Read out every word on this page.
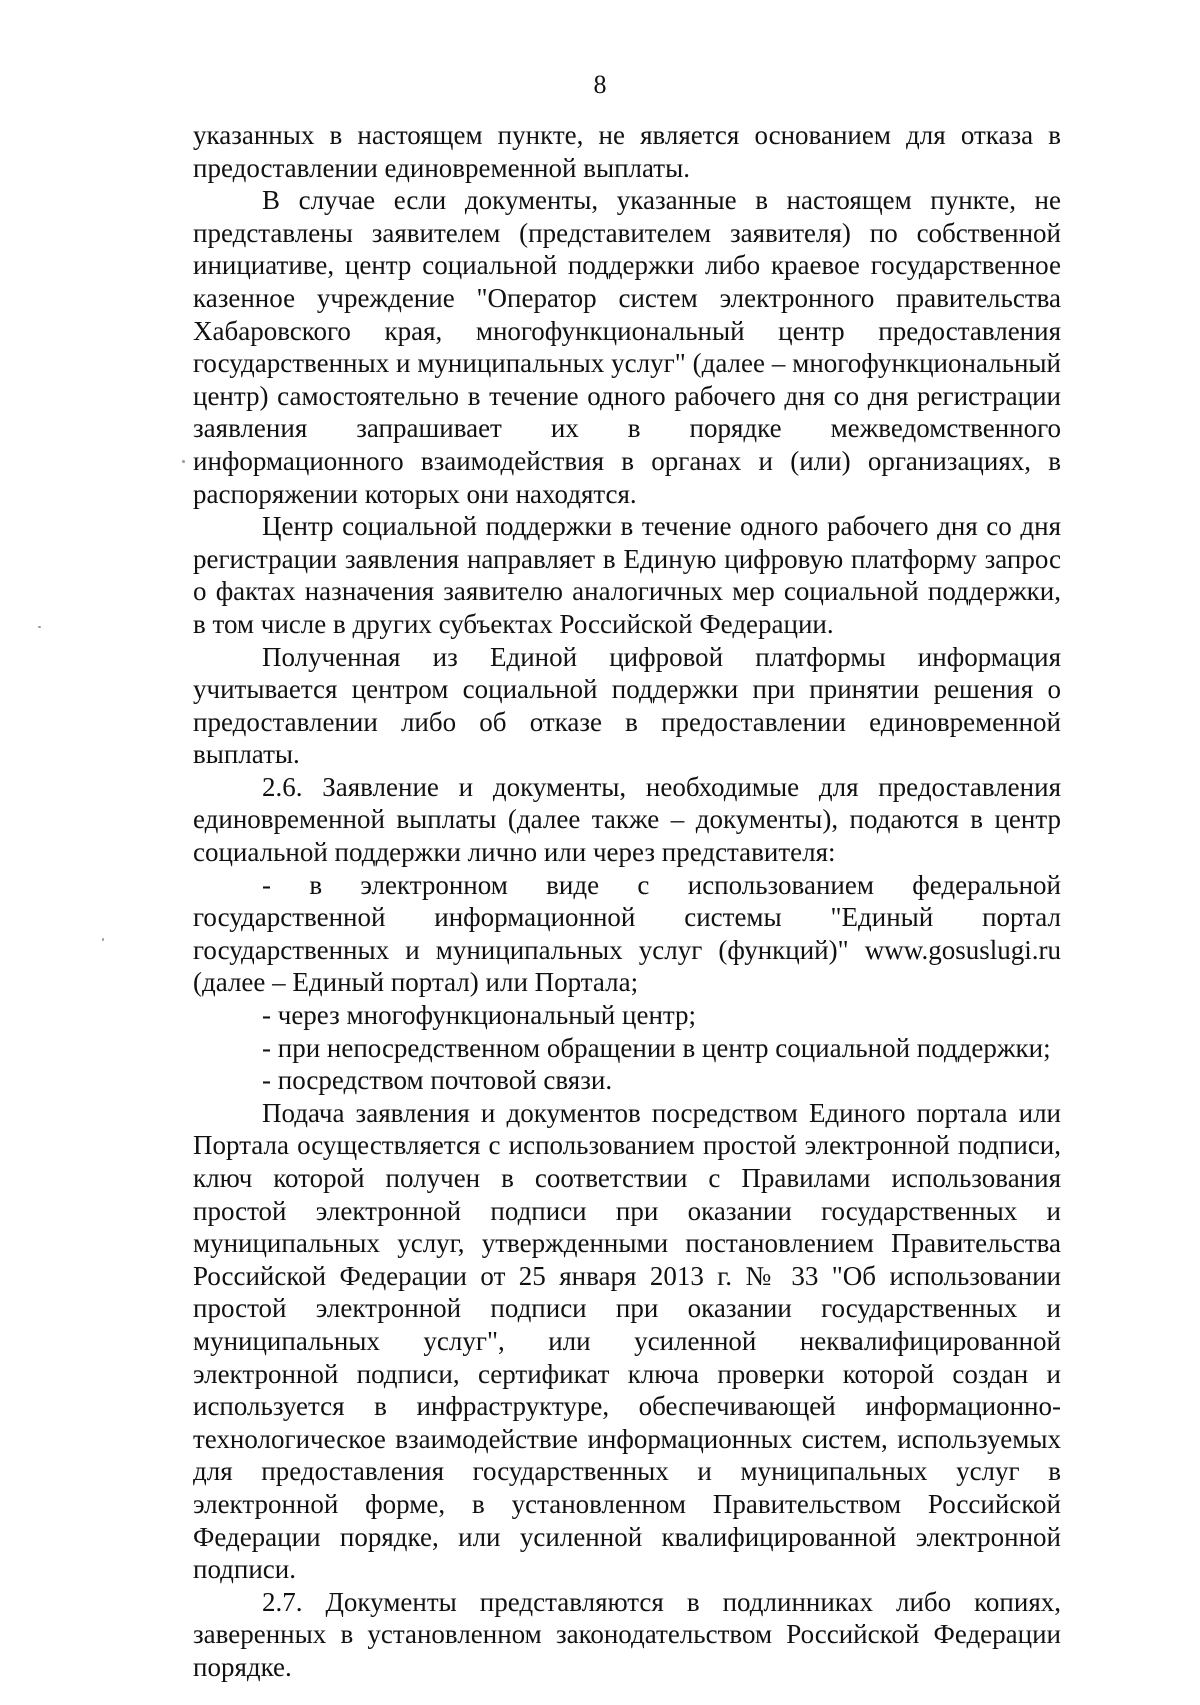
8

указанных в настоящем пункте, не является основанием для отказа в предоставлении единовременной выплаты.

В случае если документы, указанные в настоящем пункте, не представлены заявителем (представителем заявителя) по собственной инициативе, центр социальной поддержки либо краевое государственное казенное учреждение "Оператор систем электронного правительства Хабаровского края, многофункциональный центр предоставления государственных и муниципальных услуг" (далее – многофункциональный центр) самостоятельно в течение одного рабочего дня со дня регистрации заявления запрашивает их в порядке межведомственного информационного взаимодействия в органах и (или) организациях, в распоряжении которых они находятся.

Центр социальной поддержки в течение одного рабочего дня со дня регистрации заявления направляет в Единую цифровую платформу запрос о фактах назначения заявителю аналогичных мер социальной поддержки, в том числе в других субъектах Российской Федерации.

Полученная из Единой цифровой платформы информация учитывается центром социальной поддержки при принятии решения о предоставлении либо об отказе в предоставлении единовременной выплаты.

2.6. Заявление и документы, необходимые для предоставления единовременной выплаты (далее также – документы), подаются в центр социальной поддержки лично или через представителя:

- в электронном виде с использованием федеральной государственной информационной системы "Единый портал государственных и муниципальных услуг (функций)" www.gosuslugi.ru (далее – Единый портал) или Портала;

- через многофункциональный центр;

- при непосредственном обращении в центр социальной поддержки;

- посредством почтовой связи.

Подача заявления и документов посредством Единого портала или Портала осуществляется с использованием простой электронной подписи, ключ которой получен в соответствии с Правилами использования простой электронной подписи при оказании государственных и муниципальных услуг, утвержденными постановлением Правительства Российской Федерации от 25 января 2013 г. № 33 "Об использовании простой электронной подписи при оказании государственных и муниципальных услуг", или усиленной неквалифицированной электронной подписи, сертификат ключа проверки которой создан и используется в инфраструктуре, обеспечивающей информационно-технологическое взаимодействие информационных систем, используемых для предоставления государственных и муниципальных услуг в электронной форме, в установленном Правительством Российской Федерации порядке, или усиленной квалифицированной электронной подписи.

2.7. Документы представляются в подлинниках либо копиях, заверенных в установленном законодательством Российской Федерации порядке.
